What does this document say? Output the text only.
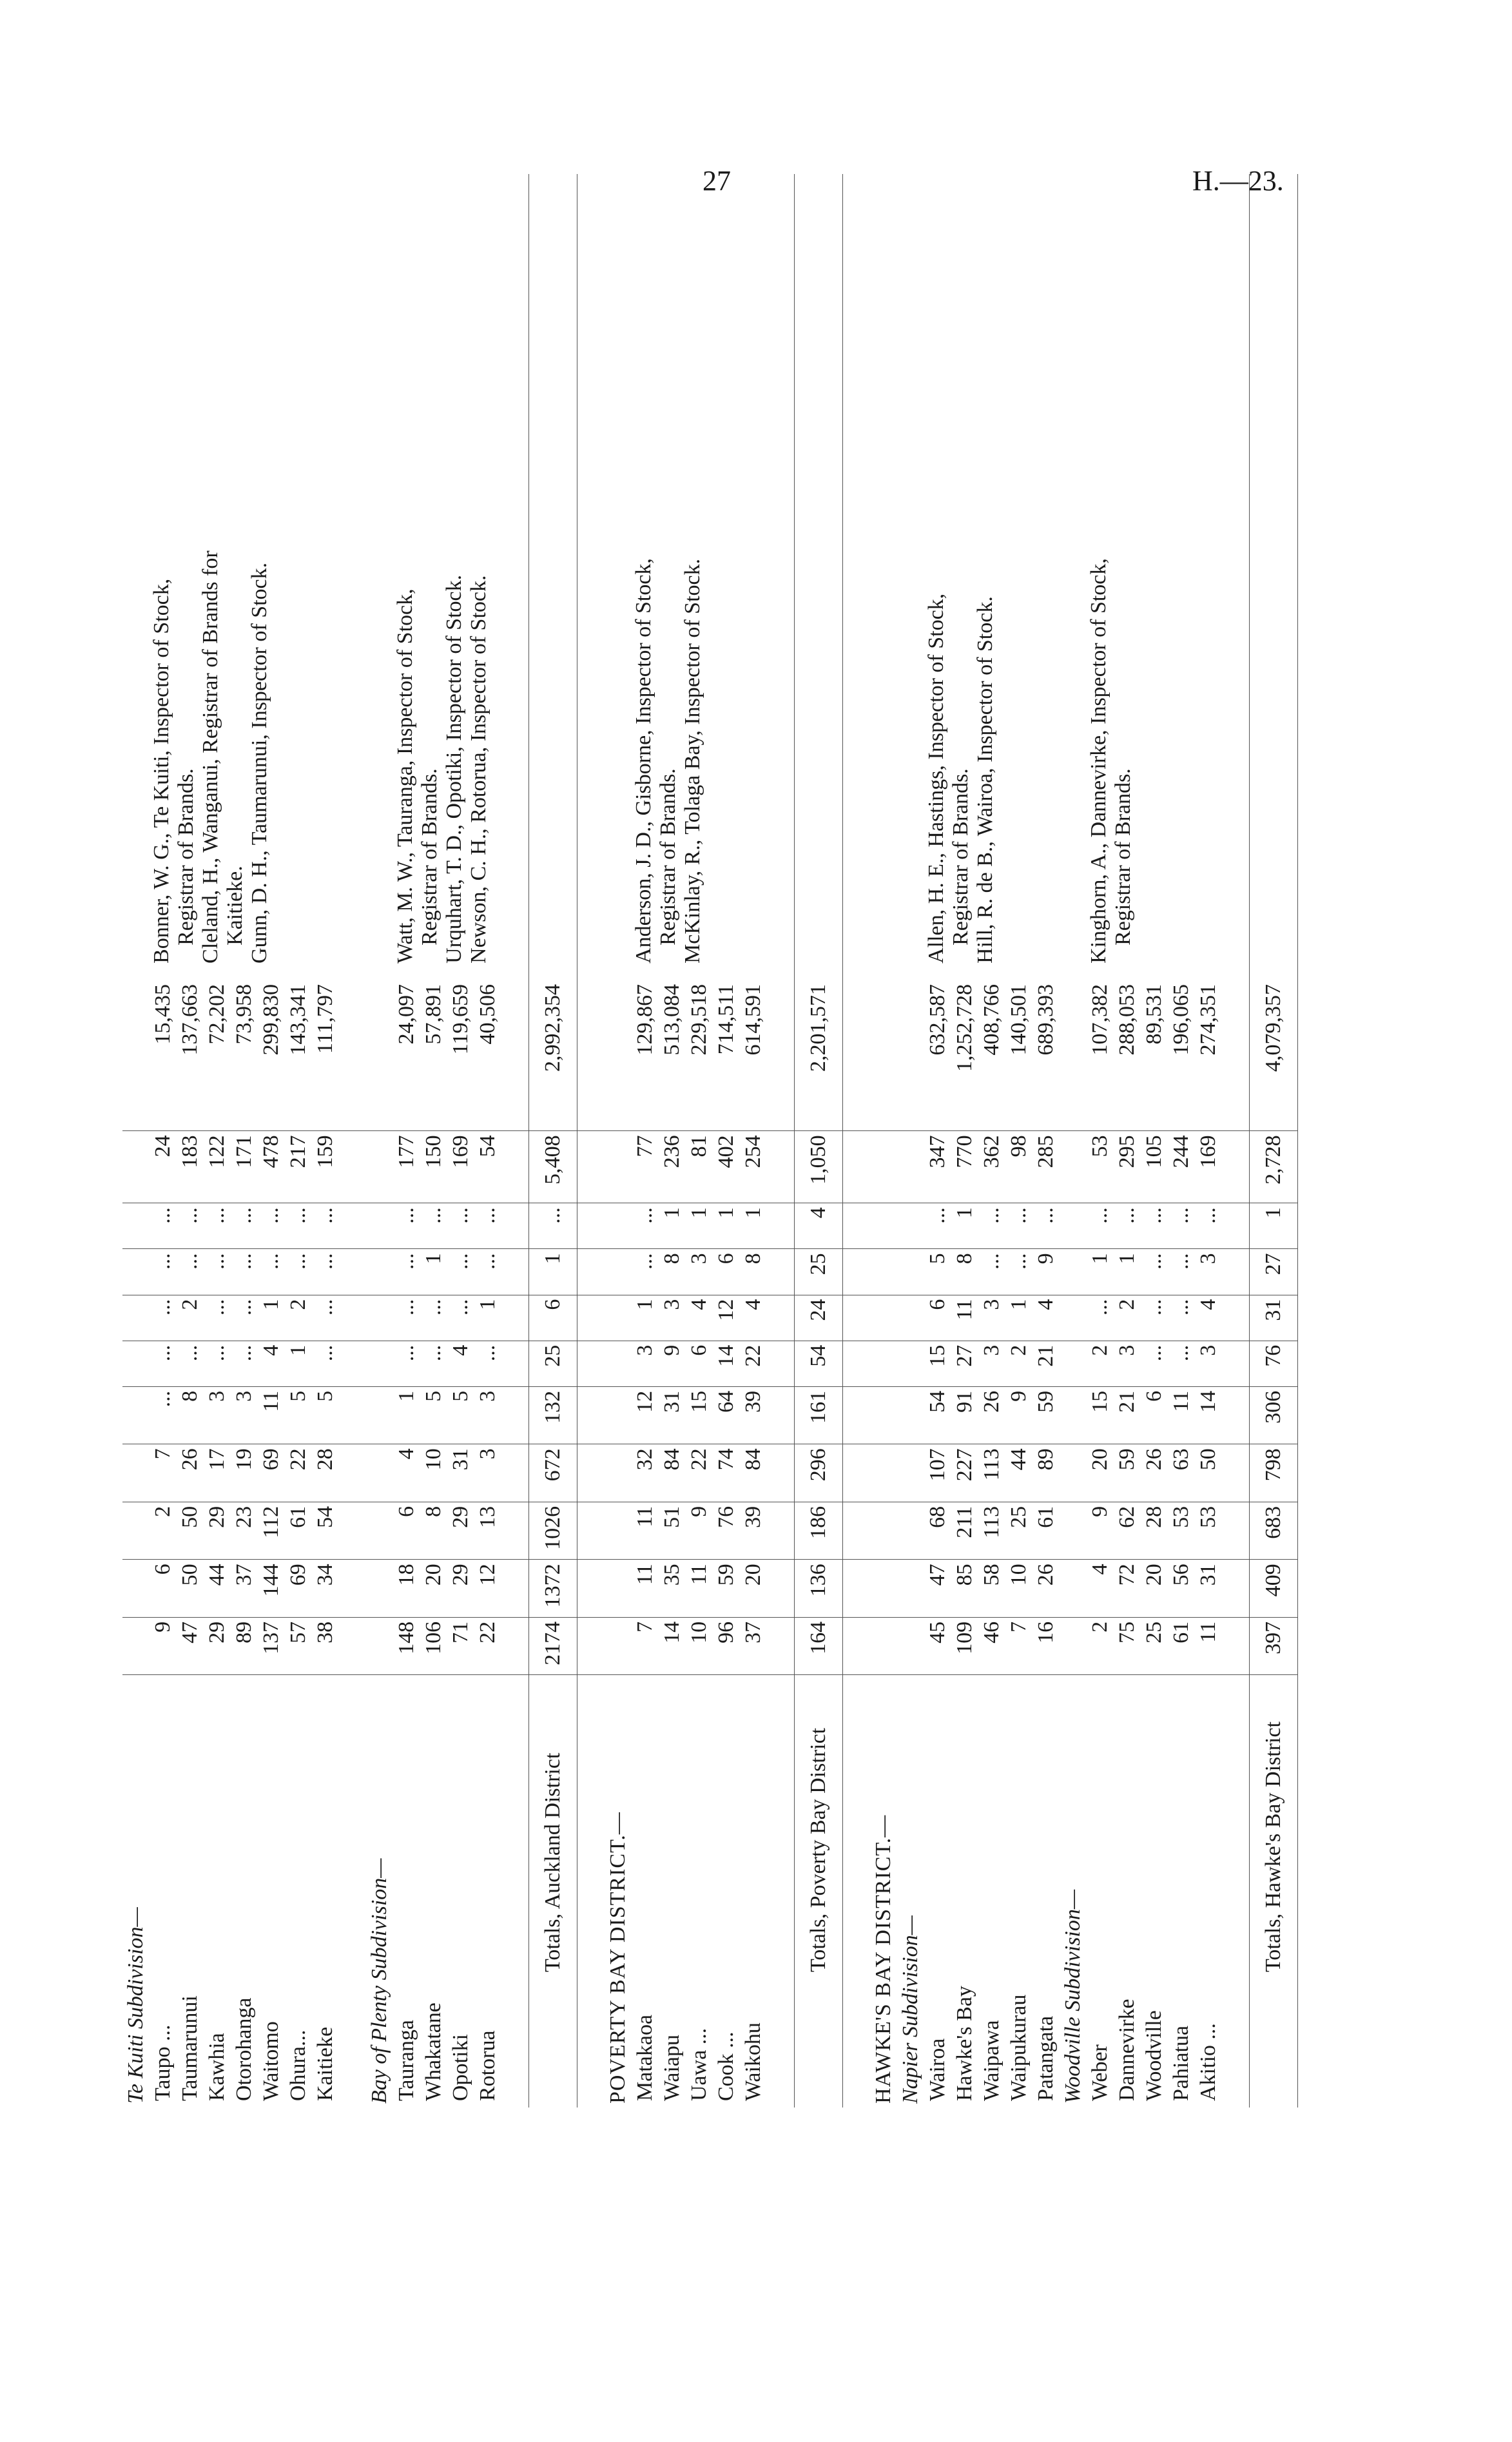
27	H.—23.
Te Kuiti Subdivision—												
Taupo ...	9	6	2	7	...	...	...	...	...	24	15,435	Bonner, W. G., Te Kuiti, Inspector of Stock, Registrar of Brands. Cleland, H., Wanganui, Registrar of Brands for Kaitieke. Gunn, D. H., Taumarunui, Inspector of Stock.

Taumarunui	47	50	50	26	8	...	2	...	...	183	137,663	
Kawhia	29	44	29	17	3	...	...	...	...	122	72,202	
Otorohanga	89	37	23	19	3	...	...	...	...	171	73,958	
Waitomo	137	144	112	69	11	4	1	...	...	478	299,830	
Ohura...	57	69	61	22	5	1	2	...	...	217	143,341	
Kaitieke	38	34	54	28	5	...	...	...	...	159	111,797	

Bay of Plenty Subdivision—												
Tauranga	148	18	6	4	1	...	...	...	...	177	24,097	Watt, M. W., Tauranga, Inspector of Stock, Registrar of Brands. Urquhart, T. D., Opotiki, Inspector of Stock. Newson, C. H., Rotorua, Inspector of Stock.

Whakatane	106	20	8	10	5	...	...	1	...	150	57,891	
Opotiki	71	29	29	31	5	4	...	...	...	169	119,659	
Rotorua	22	12	13	3	3	...	1	...	...	54	40,506	

Totals, Auckland District	2174	1372	1026	672	132	25	6	1	...	5,408	2,992,354	

POVERTY BAY DISTRICT.—												
Matakaoa	7	11	11	32	12	3	1	...	...	77	129,867	Anderson, J. D., Gisborne, Inspector of Stock, Registrar of Brands. McKinlay, R., Tolaga Bay, Inspector of Stock.

Waiapu	14	35	51	84	31	9	3	8	1	236	513,084	
Uawa ...	10	11	9	22	15	6	4	3	1	81	229,518	
Cook ...	96	59	76	74	64	14	12	6	1	402	714,511	
Waikohu	37	20	39	84	39	22	4	8	1	254	614,591	

Totals, Poverty Bay District	164	136	186	296	161	54	24	25	4	1,050	2,201,571	

HAWKE'S BAY DISTRICT.—												
Napier Subdivision—												
Wairoa	45	47	68	107	54	15	6	5	...	347	632,587	Allen, H. E., Hastings, Inspector of Stock, Registrar of Brands. Hill, R. de B., Wairoa, Inspector of Stock.

Hawke's Bay	109	85	211	227	91	27	11	8	1	770	1,252,728	
Waipawa	46	58	113	113	26	3	3	...	...	362	408,766	
Waipukurau	7	10	25	44	9	2	1	...	...	98	140,501	
Patangata	16	26	61	89	59	21	4	9	...	285	689,393	
Woodville Subdivision—												
Weber	2	4	9	20	15	2	...	1	...	53	107,382	Kinghorn, A., Dannevirke, Inspector of Stock, Registrar of Brands.

Dannevirke	75	72	62	59	21	3	2	1	...	295	288,053	
Woodville	25	20	28	26	6	...	...	...	...	105	89,531	
Pahiatua	61	56	53	63	11	...	...	...	...	244	196,065	
Akitio ...	11	31	53	50	14	3	4	3	...	169	274,351	

Totals, Hawke's Bay District	397	409	683	798	306	76	31	27	1	2,728	4,079,357	
